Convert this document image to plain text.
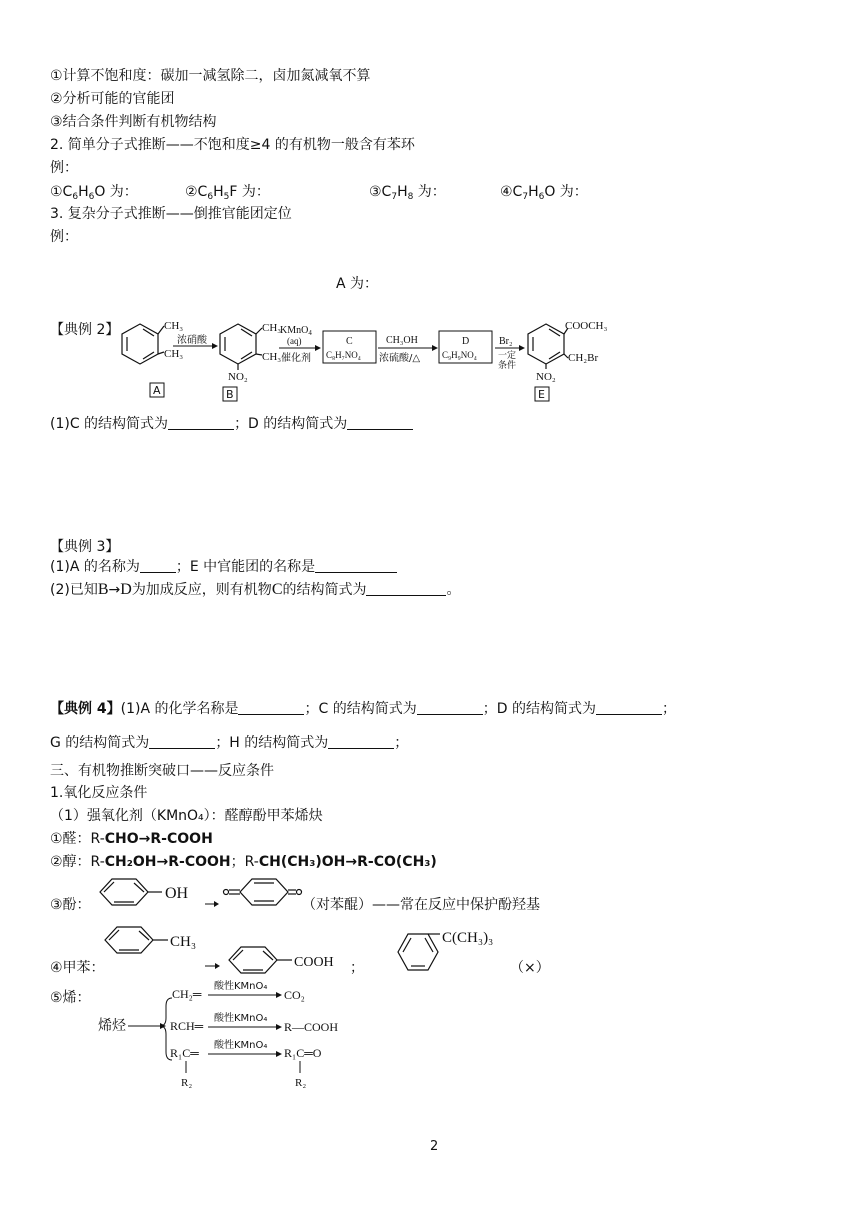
①计算不饱和度：碳加一减氢除二，卤加氮减氧不算
②分析可能的官能团
③结合条件判断有机物结构
2. 简单分子式推断——不饱和度≥4 的有机物一般含有苯环
例：
$①C_6H_6O$ 为：	$②C_6H_5F$ 为：	$③C_7H_8$ 为：	$④C_7H_6O$ 为：
3. 复杂分子式推断——倒推官能团定位
例：
A 为：
【典例 2】	CH₃
CH₃
A
浓硝酸
CH₃
CH₃
NO₂
B
KMnO$_4$
(aq)
催化剂
C
C₈H₇NO₄
CH₃OH
浓硫酸/△
D
C₉H₉NO₄
Br₂
一定
条件
COOCH₃
CH₂Br
NO₂
E
(1)C 的结构简式为	；D 的结构简式为
【典例 3】
(1)A 的名称为	；E 中官能团的名称是
(2)已知B→D为加成反应，则有机物C的结构简式为	。
【典例 4】(1)A 的化学名称是	；C 的结构简式为	；D 的结构简式为	；
G 的结构简式为	；H 的结构简式为	；
三、有机物推断突破口——反应条件
1.氧化反应条件
（1）强氧化剂（KMnO₄）：醛醇酚甲苯烯炔
①醛：R-CHO→R-COOH
②醇：R-CH₂OH→R-COOH；R-CH(CH₃)OH→R-CO(CH₃)
③酚：
OH
（对苯醌）——常在反应中保护酚羟基
④甲苯：
CH₃
COOH ；
C(CH₃)₃
（×）
⑤烯：
烯烃
CH₂═
酸性KMnO₄
CO₂
RCH═
酸性KMnO₄
R—COOH
R₁C═
R₂
酸性KMnO₄
R₁C═O
R₂
2
